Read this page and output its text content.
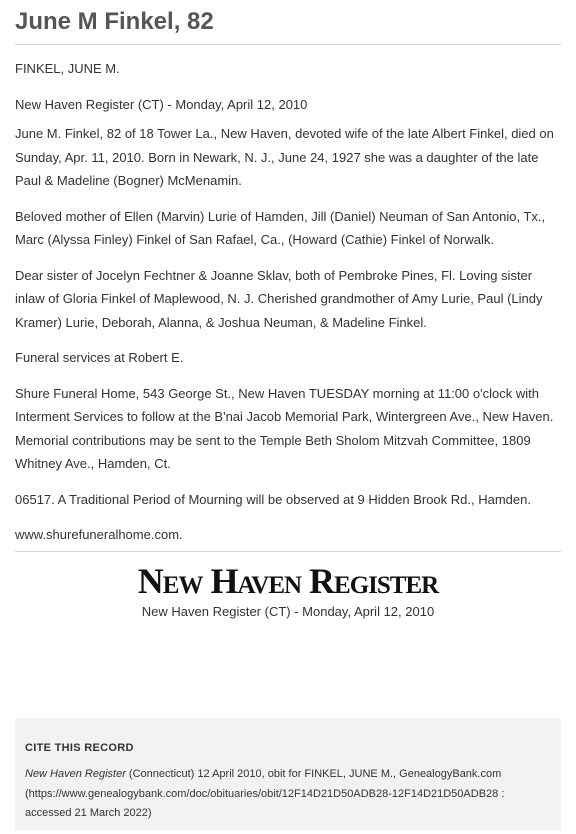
June M Finkel, 82
FINKEL, JUNE M.
New Haven Register (CT) - Monday, April 12, 2010

June M. Finkel, 82 of 18 Tower La., New Haven, devoted wife of the late Albert Finkel, died on Sunday, Apr. 11, 2010. Born in Newark, N. J., June 24, 1927 she was a daughter of the late Paul & Madeline (Bogner) McMenamin.

Beloved mother of Ellen (Marvin) Lurie of Hamden, Jill (Daniel) Neuman of San Antonio, Tx., Marc (Alyssa Finley) Finkel of San Rafael, Ca., (Howard (Cathie) Finkel of Norwalk.

Dear sister of Jocelyn Fechtner & Joanne Sklav, both of Pembroke Pines, Fl. Loving sister inlaw of Gloria Finkel of Maplewood, N. J. Cherished grandmother of Amy Lurie, Paul (Lindy Kramer) Lurie, Deborah, Alanna, & Joshua Neuman, & Madeline Finkel.

Funeral services at Robert E.

Shure Funeral Home, 543 George St., New Haven TUESDAY morning at 11:00 o'clock with Interment Services to follow at the B'nai Jacob Memorial Park, Wintergreen Ave., New Haven. Memorial contributions may be sent to the Temple Beth Sholom Mitzvah Committee, 1809 Whitney Ave., Hamden, Ct.

06517. A Traditional Period of Mourning will be observed at 9 Hidden Brook Rd., Hamden.

www.shurefuneralhome.com.

New Haven Register
New Haven Register (CT) - Monday, April 12, 2010
CITE THIS RECORD
New Haven Register (Connecticut) 12 April 2010, obit for FINKEL, JUNE M., GenealogyBank.com (https://www.genealogybank.com/doc/obituaries/obit/12F14D21D50ADB28-12F14D21D50ADB28 : accessed 21 March 2022)
